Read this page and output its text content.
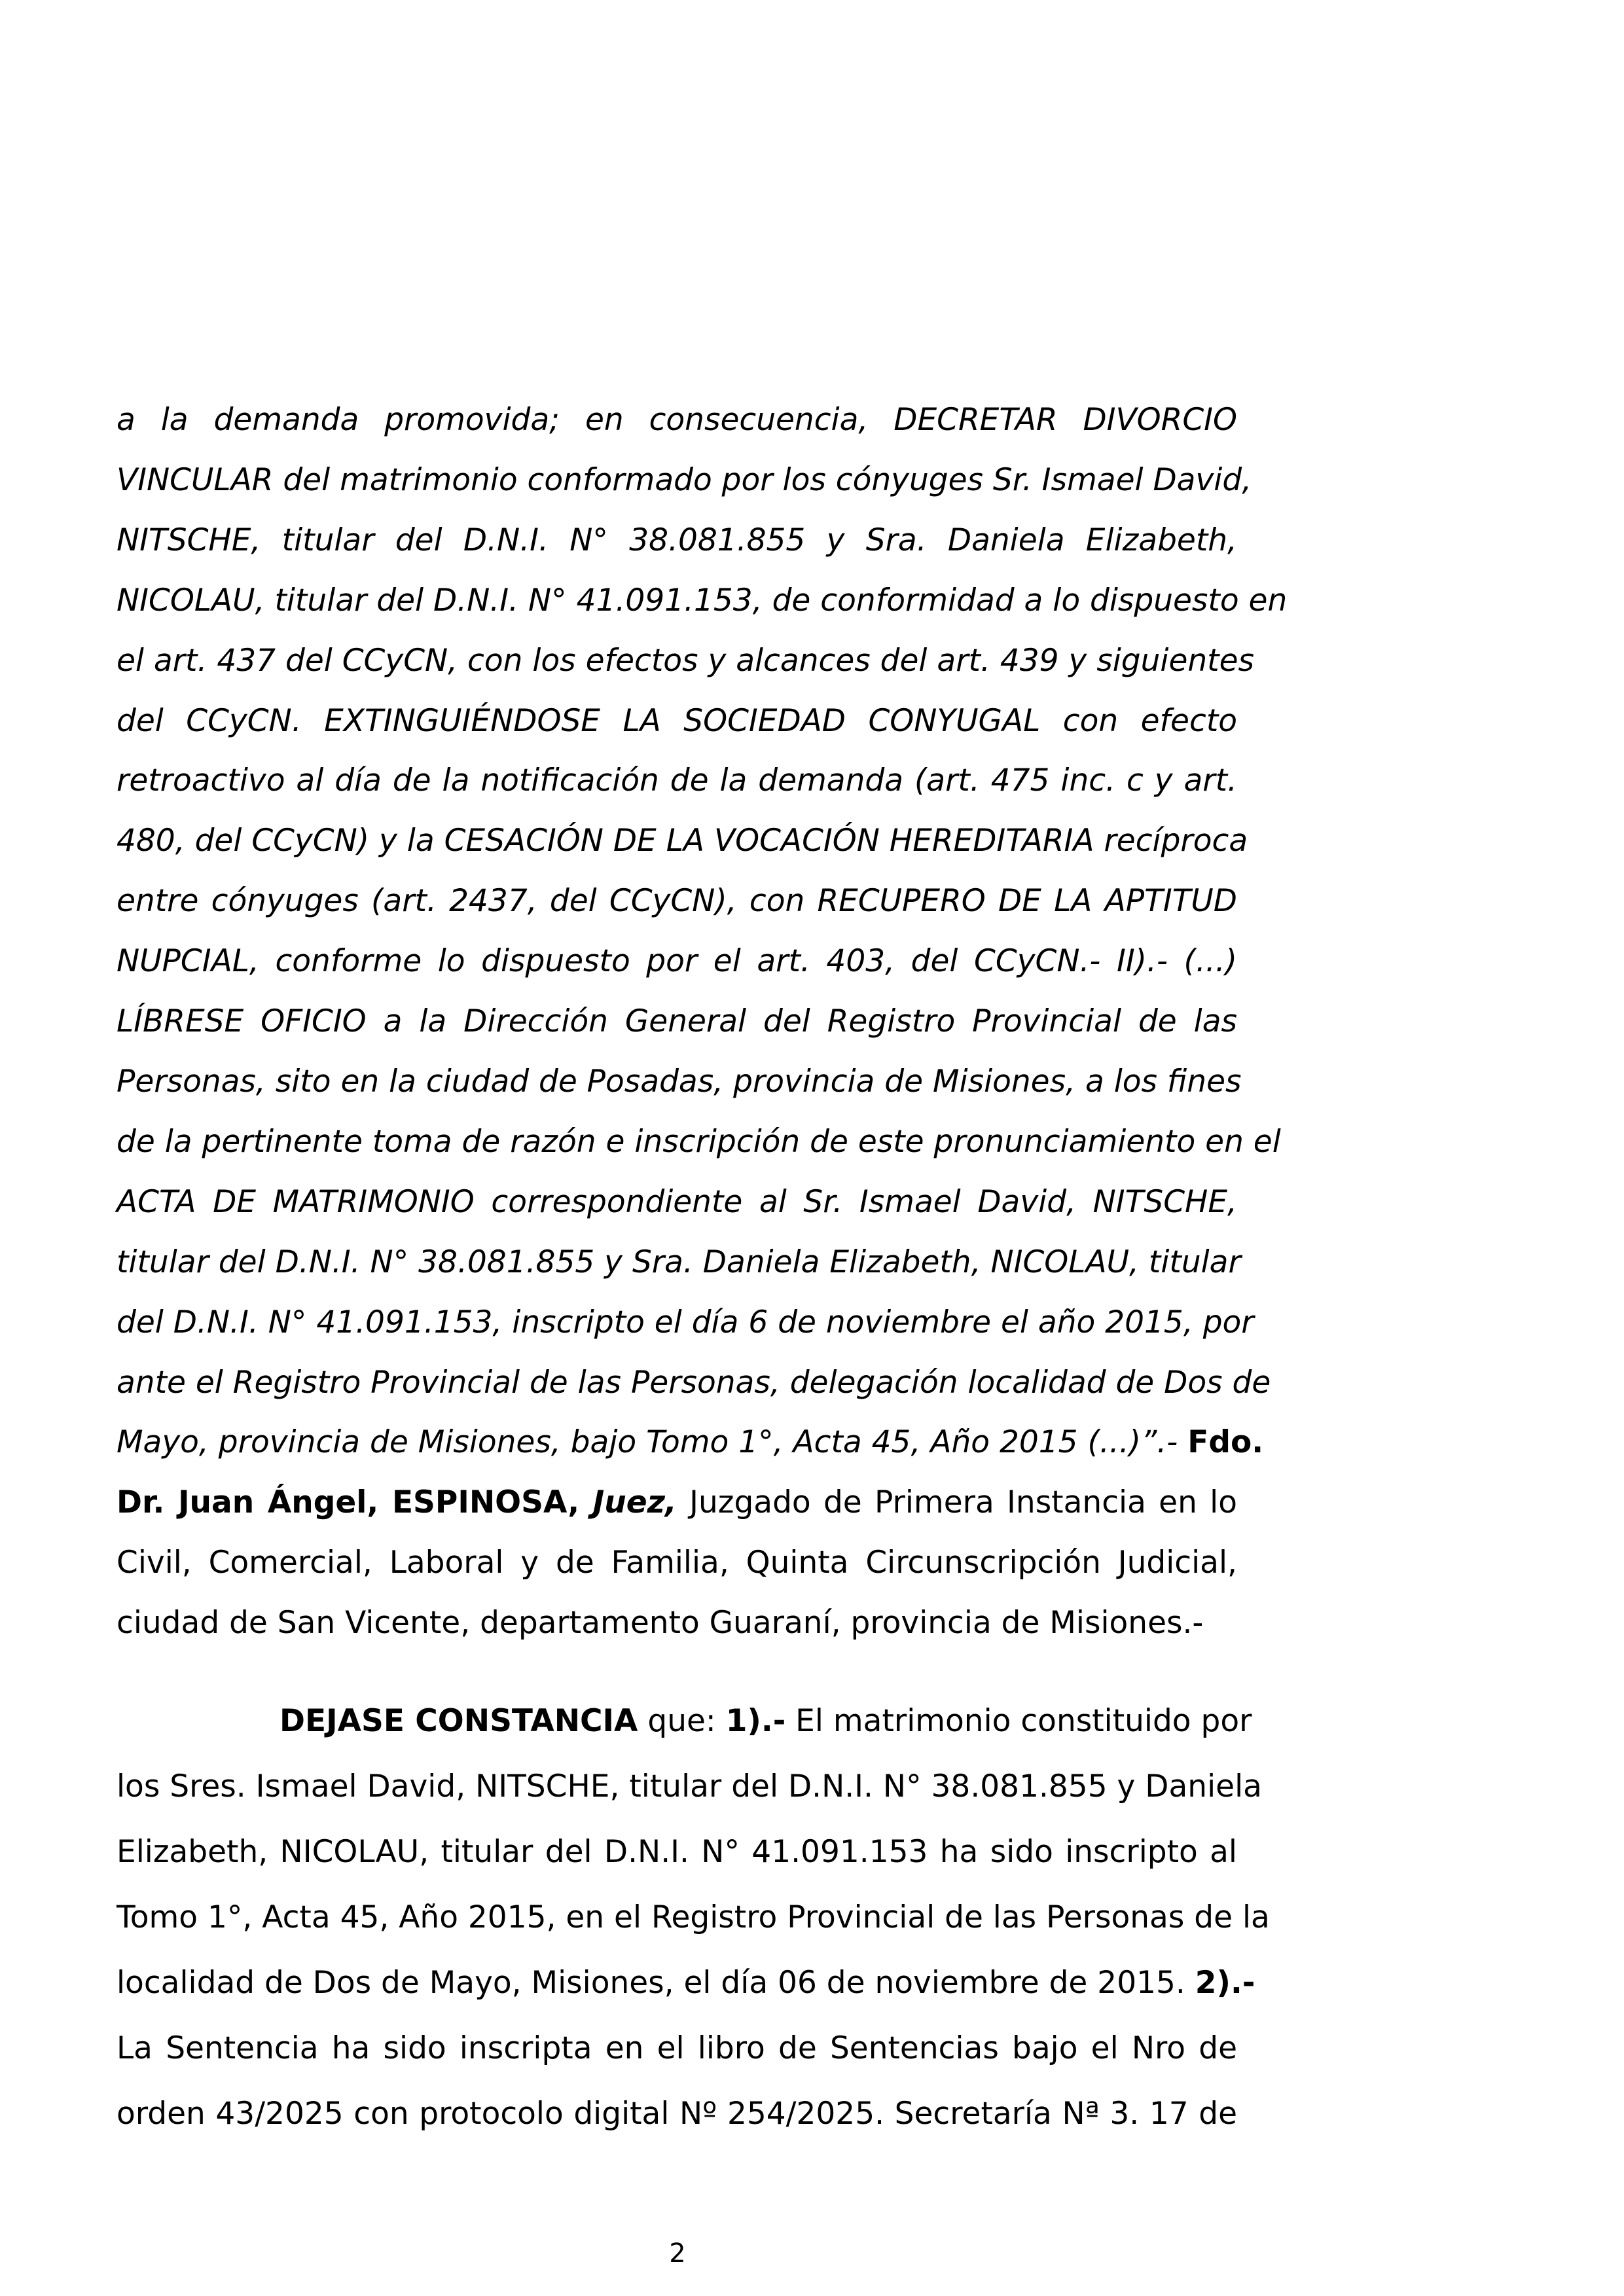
a la demanda promovida; en consecuencia, DECRETAR DIVORCIO
VINCULAR del matrimonio conformado por los cónyuges Sr. Ismael David,
NITSCHE, titular del D.N.I. N° 38.081.855 y Sra. Daniela Elizabeth,
NICOLAU, titular del D.N.I. N° 41.091.153, de conformidad a lo dispuesto en
el art. 437 del CCyCN, con los efectos y alcances del art. 439 y siguientes
del CCyCN. EXTINGUIÉNDOSE LA SOCIEDAD CONYUGAL con efecto
retroactivo al día de la notificación de la demanda (art. 475 inc. c y art.
480, del CCyCN) y la CESACIÓN DE LA VOCACIÓN HEREDITARIA recíproca
entre cónyuges (art. 2437, del CCyCN), con RECUPERO DE LA APTITUD
NUPCIAL, conforme lo dispuesto por el art. 403, del CCyCN.- II).- (...)
LÍBRESE OFICIO a la Dirección General del Registro Provincial de las
Personas, sito en la ciudad de Posadas, provincia de Misiones, a los fines
de la pertinente toma de razón e inscripción de este pronunciamiento en el
ACTA DE MATRIMONIO correspondiente al Sr. Ismael David, NITSCHE,
titular del D.N.I. N° 38.081.855 y Sra. Daniela Elizabeth, NICOLAU, titular
del D.N.I. N° 41.091.153, inscripto el día 6 de noviembre el año 2015, por
ante el Registro Provincial de las Personas, delegación localidad de Dos de
Mayo, provincia de Misiones, bajo Tomo 1°, Acta 45, Año 2015 (...)”.- Fdo.
Dr. Juan Ángel, ESPINOSA, Juez, Juzgado de Primera Instancia en lo
Civil, Comercial, Laboral y de Familia, Quinta Circunscripción Judicial,
ciudad de San Vicente, departamento Guaraní, provincia de Misiones.-
DEJASE CONSTANCIA que: 1).- El matrimonio constituido por
los Sres. Ismael David, NITSCHE, titular del D.N.I. N° 38.081.855 y Daniela
Elizabeth, NICOLAU, titular del D.N.I. N° 41.091.153 ha sido inscripto al
Tomo 1°, Acta 45, Año 2015, en el Registro Provincial de las Personas de la
localidad de Dos de Mayo, Misiones, el día 06 de noviembre de 2015. 2).-
La Sentencia ha sido inscripta en el libro de Sentencias bajo el Nro de
orden 43/2025 con protocolo digital Nº 254/2025. Secretaría Nª 3. 17 de
2
